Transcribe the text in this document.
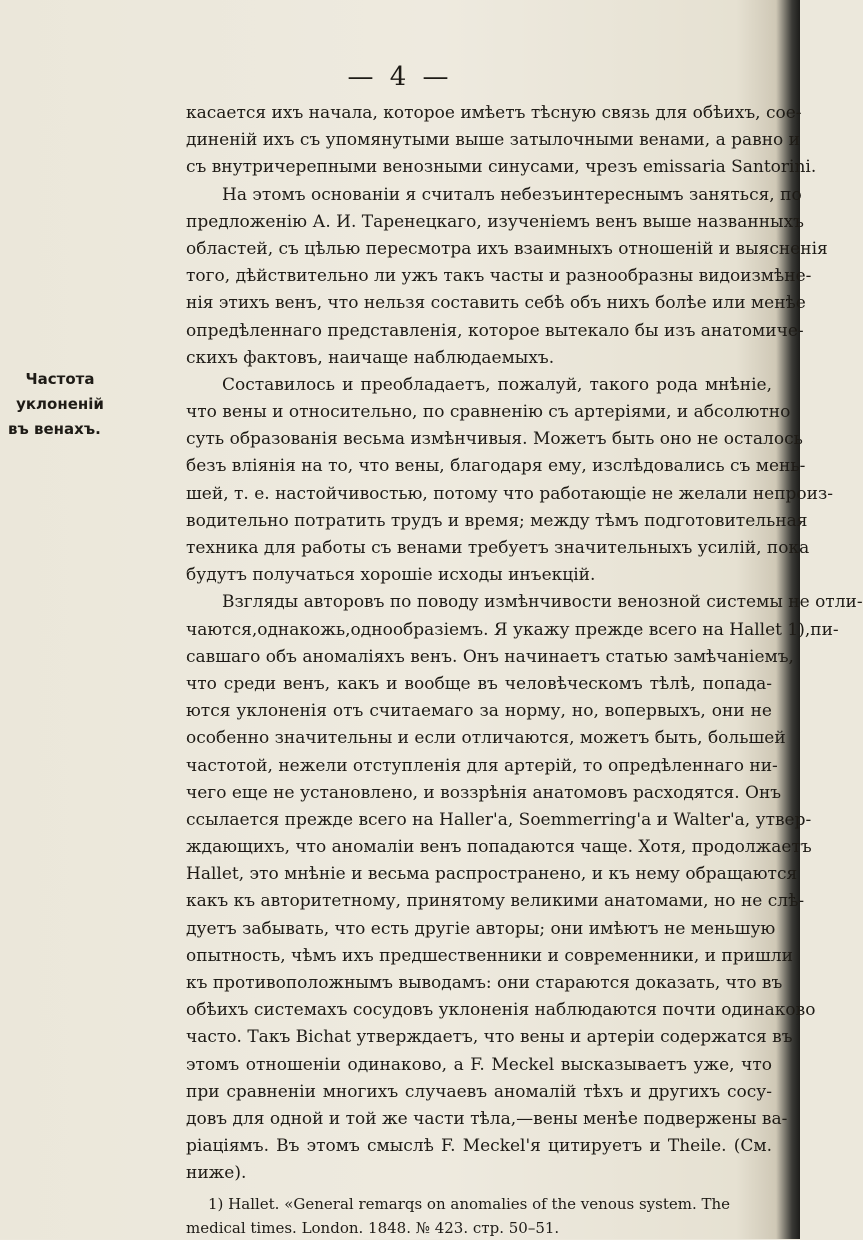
— 4 —
Частота
уклоненій
въ венахъ.
касается ихъ начала, которое имѣетъ тѣсную связь для обѣихъ, сое-
диненій ихъ съ упомянутыми выше затылочными венами, а равно и
съ внутричерепными венозными синусами, чрезъ emissaria Santorini.
На этомъ основаніи я считалъ небезъинтереснымъ заняться, по
предложенію А. И. Таренецкаго, изученіемъ венъ выше названныхъ
областей, съ цѣлью пересмотра ихъ взаимныхъ отношеній и выясненія
того, дѣйствительно ли ужъ такъ часты и разнообразны видоизмѣне-
нія этихъ венъ, что нельзя составить себѣ объ нихъ болѣе или менѣе
опредѣленнаго представленія, которое вытекало бы изъ анатомиче-
скихъ фактовъ, наичаще наблюдаемыхъ.
Составилось и преобладаетъ, пожалуй, такого рода мнѣніе,
что вены и относительно, по сравненію съ артеріями, и абсолютно
суть образованія весьма измѣнчивыя. Можетъ быть оно не осталось
безъ вліянія на то, что вены, благодаря ему, изслѣдовались съ мень-
шей, т. е. настойчивостью, потому что работающіе не желали непроиз-
водительно потратить трудъ и время; между тѣмъ подготовительная
техника для работы съ венами требуетъ значительныхъ усилій, пока
будутъ получаться хорошіе исходы инъекцій.
Взгляды авторовъ по поводу измѣнчивости венозной системы не отли-
чаются,однакожь,однообразіемъ. Я укажу прежде всего на Hallet 1),пи-
савшаго объ аномаліяхъ венъ. Онъ начинаетъ статью замѣчаніемъ,
что среди венъ, какъ и вообще въ человѣческомъ тѣлѣ, попада-
ются уклоненія отъ считаемаго за норму, но, вопервыхъ, они не
особенно значительны и если отличаются, можетъ быть, большей
частотой, нежели отступленія для артерій, то опредѣленнаго ни-
чего еще не установлено, и воззрѣнія анатомовъ расходятся. Онъ
ссылается прежде всего на Haller'a, Soemmerring'a и Walter'a, утвер-
ждающихъ, что аномаліи венъ попадаются чаще. Хотя, продолжаетъ
Hallet, это мнѣніе и весьма распространено, и къ нему обращаются
какъ къ авторитетному, принятому великими анатомами, но не слѣ-
дуетъ забывать, что есть другіе авторы; они имѣютъ не меньшую
опытность, чѣмъ ихъ предшественники и современники, и пришли
къ противоположнымъ выводамъ: они стараются доказать, что въ
обѣихъ системахъ сосудовъ уклоненія наблюдаются почти одинаково
часто. Такъ Bichat утверждаетъ, что вены и артеріи содержатся въ
этомъ отношеніи одинаково, а F. Meckel высказываетъ уже, что
при сравненіи многихъ случаевъ аномалій тѣхъ и другихъ сосу-
довъ для одной и той же части тѣла,—вены менѣе подвержены ва-
ріаціямъ. Въ этомъ смыслѣ F. Meckel'я цитируетъ и Theile. (См.
ниже).
1) Hallet. «General remarqs on anomalies of the venous system. The
medical times. London. 1848. № 423. стр. 50–51.
